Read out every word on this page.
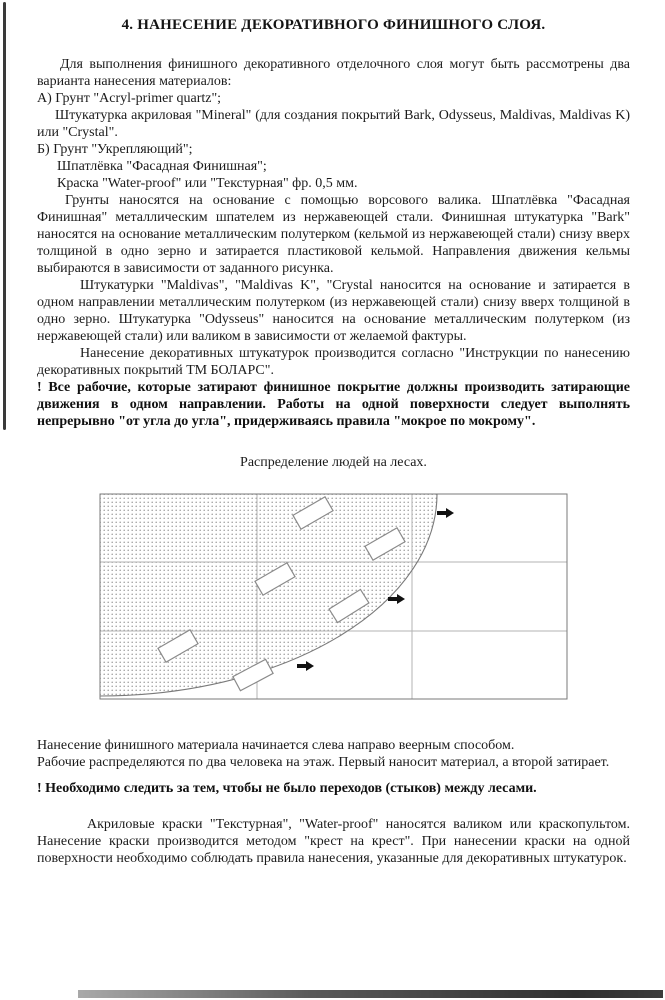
4. НАНЕСЕНИЕ ДЕКОРАТИВНОГО ФИНИШНОГО СЛОЯ.

Для выполнения финишного декоративного отделочного слоя могут быть рассмотрены два варианта нанесения материалов:

А) Грунт "Acryl-primer quartz";

Штукатурка акриловая "Mineral" (для создания покрытий Bark, Odysseus, Maldivas, Maldivas K) или "Crystal".

Б) Грунт "Укрепляющий";

Шпатлёвка "Фасадная Финишная";

Краска "Water-proof" или "Текстурная" фр. 0,5 мм.

Грунты наносятся на основание с помощью ворсового валика. Шпатлёвка "Фасадная Финишная" металлическим шпателем из нержавеющей стали. Финишная штукатурка "Bark" наносятся на основание металлическим полутерком (кельмой из нержавеющей стали) снизу вверх толщиной в одно зерно и затирается пластиковой кельмой. Направления движения кельмы выбираются в зависимости от заданного рисунка.

Штукатурки "Maldivas", "Maldivas K", "Crystal наносится на основание и затирается в одном направлении металлическим полутерком (из нержавеющей стали) снизу вверх толщиной в одно зерно. Штукатурка "Odysseus" наносится на основание металлическим полутерком (из нержавеющей стали) или валиком в зависимости от желаемой фактуры.

Нанесение декоративных штукатурок производится согласно "Инструкции по нанесению декоративных покрытий ТМ БОЛАРС".

! Все рабочие, которые затирают финишное покрытие должны производить затирающие движения в одном направлении. Работы на одной поверхности следует выполнять непрерывно "от угла до угла", придерживаясь правила "мокрое по мокрому".

Распределение людей на лесах.

Нанесение финишного материала начинается слева направо веерным способом.

Рабочие распределяются по два человека на этаж. Первый наносит материал, а второй затирает.

! Необходимо следить за тем, чтобы не было переходов (стыков) между лесами.

Акриловые краски "Текстурная", "Water-proof" наносятся валиком или краскопультом. Нанесение краски производится методом "крест на крест". При нанесении краски на одной поверхности необходимо соблюдать правила нанесения, указанные для декоративных штукатурок.
